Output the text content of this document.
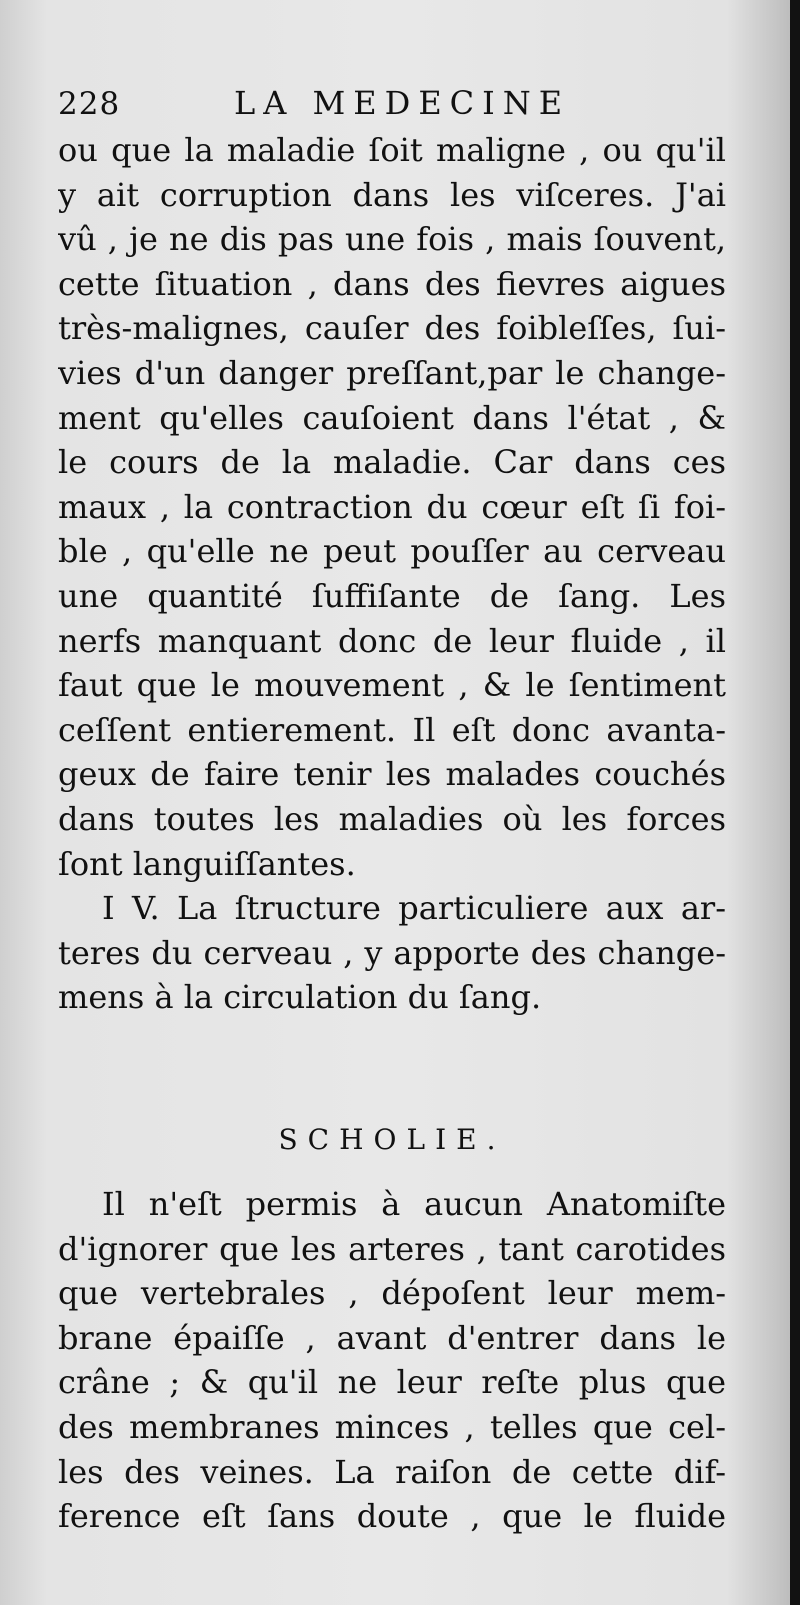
228	LA MEDECINE
ou que la maladie ſoit maligne , ou qu'il
y ait corruption dans les viſceres. J'ai
vû , je ne dis pas une fois , mais ſouvent,
cette ſituation , dans des fievres aigues
très-malignes, cauſer des foibleſſes, ſui-
vies d'un danger preſſant,par le change-
ment qu'elles cauſoient dans l'état , &
le cours de la maladie. Car dans ces
maux , la contraction du cœur eſt ſi foi-
ble , qu'elle ne peut pouſſer au cerveau
une quantité ſuffiſante de ſang. Les
nerfs manquant donc de leur fluide , il
faut que le mouvement , & le ſentiment
ceſſent entierement. Il eſt donc avanta-
geux de faire tenir les malades couchés
dans toutes les maladies où les forces
ſont languiſſantes.
I V. La ſtructure particuliere aux ar-
teres du cerveau , y apporte des change-
mens à la circulation du ſang.
SCHOLIE.
Il n'eſt permis à aucun Anatomiſte
d'ignorer que les arteres , tant carotides
que vertebrales , dépoſent leur mem-
brane épaiſſe , avant d'entrer dans le
crâne ; & qu'il ne leur reſte plus que
des membranes minces , telles que cel-
les des veines. La raiſon de cette dif-
ference eſt ſans doute , que le fluide
